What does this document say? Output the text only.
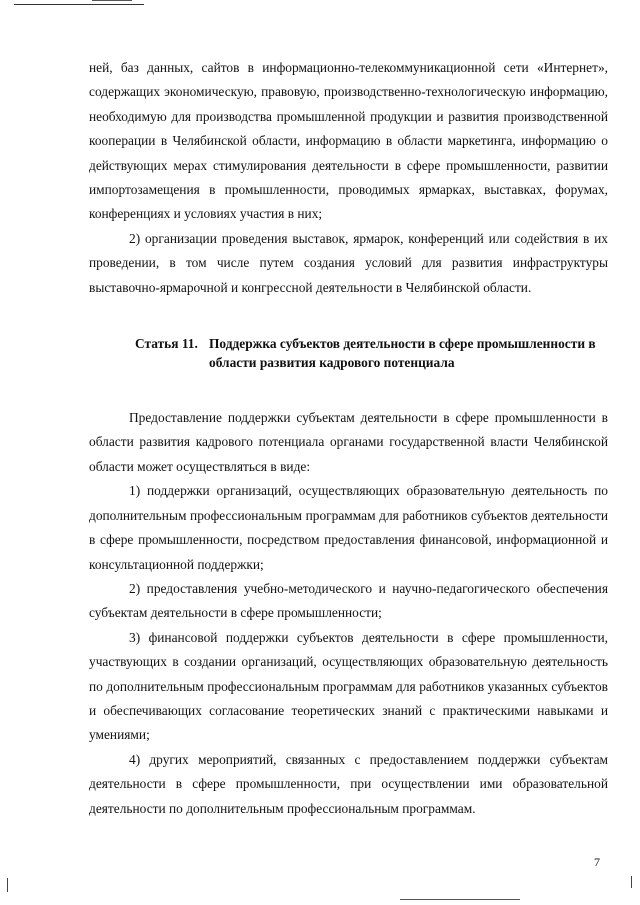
ней, баз данных, сайтов в информационно-телекоммуникационной сети «Интернет», содержащих экономическую, правовую, производственно-технологическую информацию, необходимую для производства промышленной продукции и развития производственной кооперации в Челябинской области, информацию в области маркетинга, информацию о действующих мерах стимулирования деятельности в сфере промышленности, развитии импортозамещения в промышленности, проводимых ярмарках, выставках, форумах, конференциях и условиях участия в них;

2) организации проведения выставок, ярмарок, конференций или содействия в их проведении, в том числе путем создания условий для развития инфраструктуры выставочно-ярмарочной и конгрессной деятельности в Челябинской области.

Статья 11. Поддержка субъектов деятельности в сфере промышленности в области развития кадрового потенциала

Предоставление поддержки субъектам деятельности в сфере промышленности в области развития кадрового потенциала органами государственной власти Челябинской области может осуществляться в виде:

1) поддержки организаций, осуществляющих образовательную деятельность по дополнительным профессиональным программам для работников субъектов деятельности в сфере промышленности, посредством предоставления финансовой, информационной и консультационной поддержки;

2) предоставления учебно-методического и научно-педагогического обеспечения субъектам деятельности в сфере промышленности;

3) финансовой поддержки субъектов деятельности в сфере промышленности, участвующих в создании организаций, осуществляющих образовательную деятельность по дополнительным профессиональным программам для работников указанных субъектов и обеспечивающих согласование теоретических знаний с практическими навыками и умениями;

4) других мероприятий, связанных с предоставлением поддержки субъектам деятельности в сфере промышленности, при осуществлении ими образовательной деятельности по дополнительным профессиональным программам.

7
